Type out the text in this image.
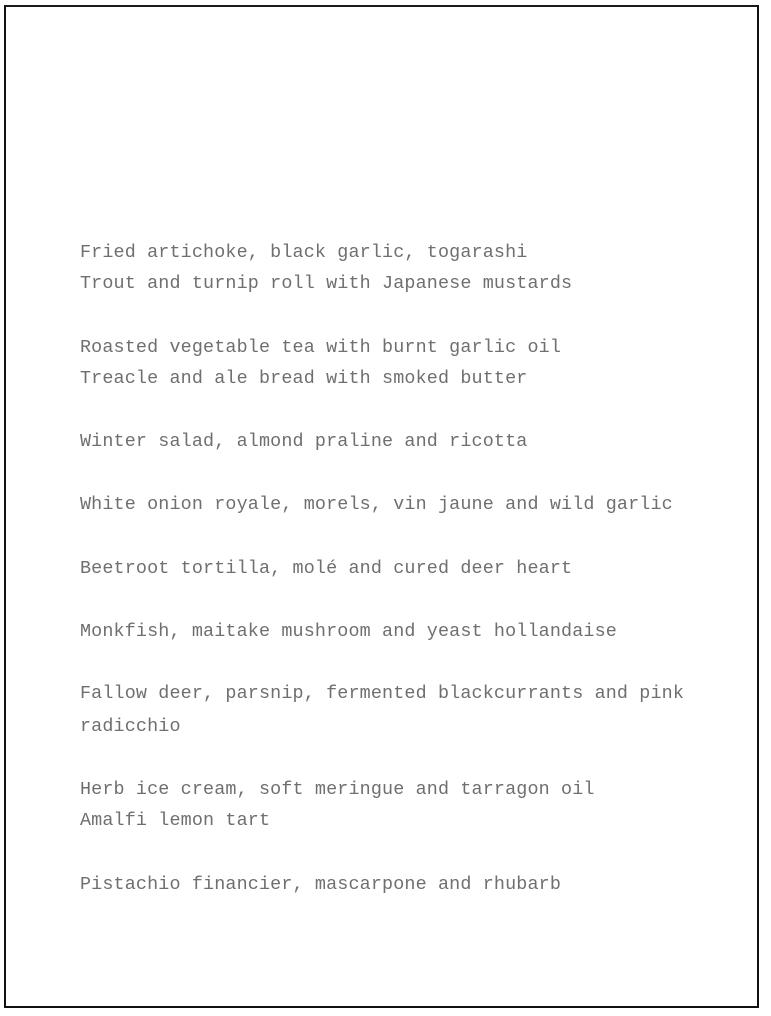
Fried artichoke, black garlic, togarashi
Trout and turnip roll with Japanese mustards
Roasted vegetable tea with burnt garlic oil
Treacle and ale bread with smoked butter
Winter salad, almond praline and ricotta
White onion royale, morels, vin jaune and wild garlic
Beetroot tortilla, molé and cured deer heart
Monkfish, maitake mushroom and yeast hollandaise
Fallow deer, parsnip, fermented blackcurrants and pink
radicchio
Herb ice cream, soft meringue and tarragon oil
Amalfi lemon tart
Pistachio financier, mascarpone and rhubarb
